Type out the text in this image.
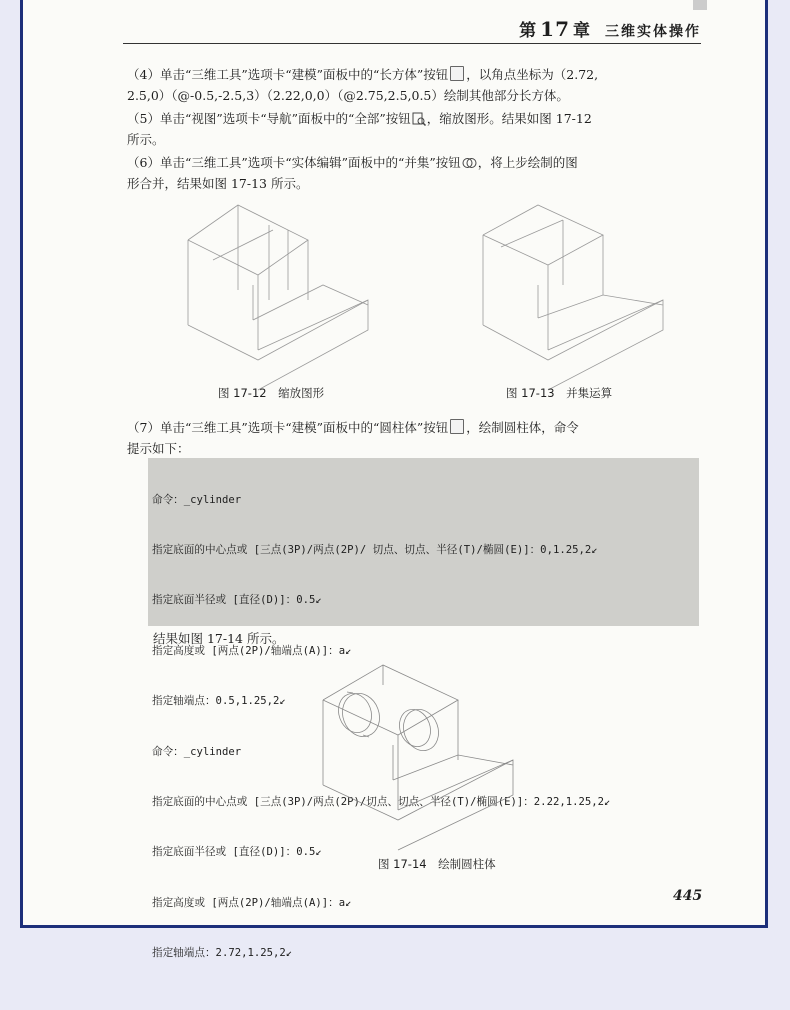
第 17 章 三维实体操作
（4）单击“三维工具”选项卡“建模”面板中的“长方体”按钮 ，以角点坐标为（2.72,
2.5,0）（@-0.5,-2.5,3）（2.22,0,0）（@2.75,2.5,0.5）绘制其他部分长方体。
（5）单击“视图”选项卡“导航”面板中的“全部”按钮 ，缩放图形。结果如图 17-12
所示。
（6）单击“三维工具”选项卡“实体编辑”面板中的“并集”按钮 ，将上步绘制的图
形合并，结果如图 17-13 所示。
图 17-12　缩放图形	图 17-13　并集运算
（7）单击“三维工具”选项卡“建模”面板中的“圆柱体”按钮 ，绘制圆柱体，命令
提示如下：

命令：_cylinder

指定底面的中心点或 [三点(3P)/两点(2P)/ 切点、切点、半径(T)/椭圆(E)]：0,1.25,2↙

指定底面半径或 [直径(D)]：0.5↙

指定高度或 [两点(2P)/轴端点(A)]：a↙

指定轴端点：0.5,1.25,2↙

命令：_cylinder

指定底面的中心点或 [三点(3P)/两点(2P)/切点、切点、半径(T)/椭圆(E)]：2.22,1.25,2↙

指定底面半径或 [直径(D)]：0.5↙

指定高度或 [两点(2P)/轴端点(A)]：a↙

指定轴端点：2.72,1.25,2↙

结果如图 17-14 所示。
图 17-14　绘制圆柱体
445
